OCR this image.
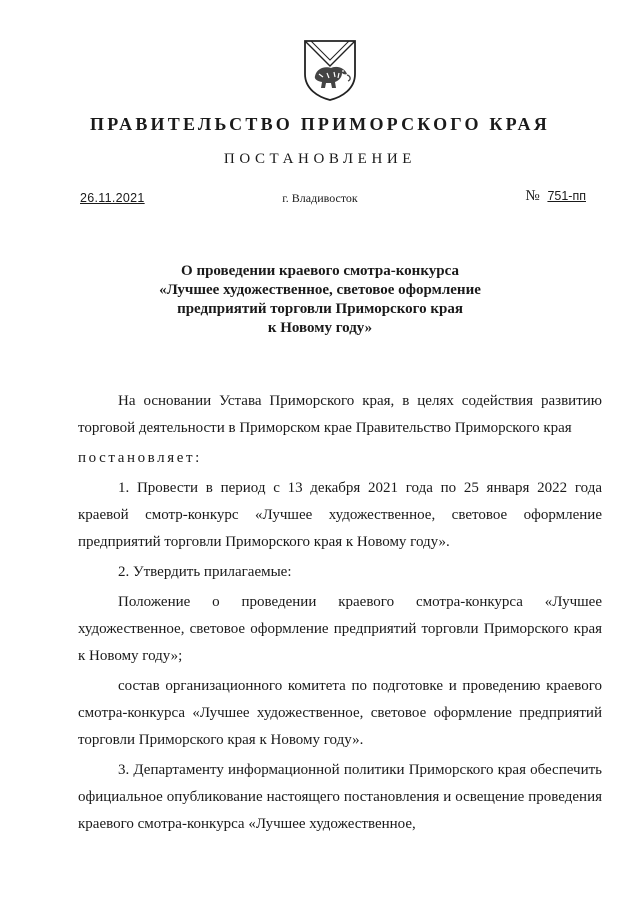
ПРАВИТЕЛЬСТВО ПРИМОРСКОГО КРАЯ
ПОСТАНОВЛЕНИЕ
26.11.2021	г. Владивосток	№ 751-пп
О проведении краевого смотра-конкурса
«Лучшее художественное, световое оформление
предприятий торговли Приморского края
к Новому году»

На основании Устава Приморского края, в целях содействия развитию торговой деятельности в Приморском крае Правительство Приморского края

постановляет:

1. Провести в период с 13 декабря 2021 года по 25 января 2022 года краевой смотр-конкурс «Лучшее художественное, световое оформление предприятий торговли Приморского края к Новому году».

2. Утвердить прилагаемые:

Положение о проведении краевого смотра-конкурса «Лучшее художественное, световое оформление предприятий торговли Приморского края к Новому году»;

состав организационного комитета по подготовке и проведению краевого смотра-конкурса «Лучшее художественное, световое оформление предприятий торговли Приморского края к Новому году».

3. Департаменту информационной политики Приморского края обеспечить официальное опубликование настоящего постановления и освещение проведения краевого смотра-конкурса «Лучшее художественное,
